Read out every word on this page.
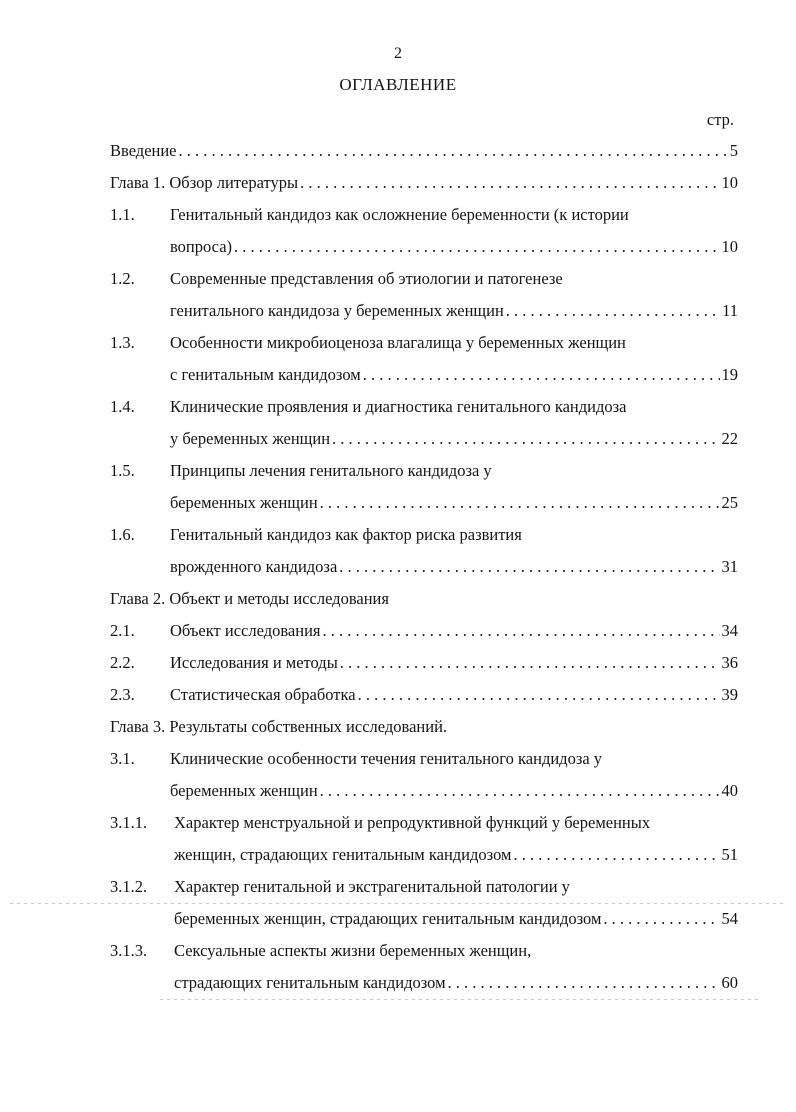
2
ОГЛАВЛЕНИЕ
стр.
Введение . . .	5
Глава 1. Обзор литературы . . .	10
1.1. Генитальный кандидоз как осложнение беременности (к истории
вопроса) . . .	10
1.2. Современные представления об этиологии и патогенезе
генитального кандидоза у беременных женщин . . .	11
1.3. Особенности микробиоценоза влагалища у беременных женщин
с генитальным кандидозом . . .	19
1.4. Клинические проявления и диагностика генитального кандидоза
у беременных женщин . . .	22
1.5. Принципы лечения генитального кандидоза у
беременных женщин . . .	25
1.6. Генитальный кандидоз как фактор риска развития
врожденного кандидоза . . .	31
Глава 2. Объект и методы исследования
2.1. Объект исследования . . .	34
2.2. Исследования и методы . . .	36
2.3. Статистическая обработка . . .	39
Глава 3. Результаты собственных исследований.
3.1. Клинические особенности течения генитального кандидоза у
беременных женщин . . .	40
3.1.1. Характер менструальной и репродуктивной функций у беременных
женщин, страдающих генитальным кандидозом . . .	51
3.1.2. Характер генитальной и экстрагенитальной патологии у
беременных женщин, страдающих генитальным кандидозом . . .	54
3.1.3. Сексуальные аспекты жизни беременных женщин,
страдающих генитальным кандидозом . . .	60
